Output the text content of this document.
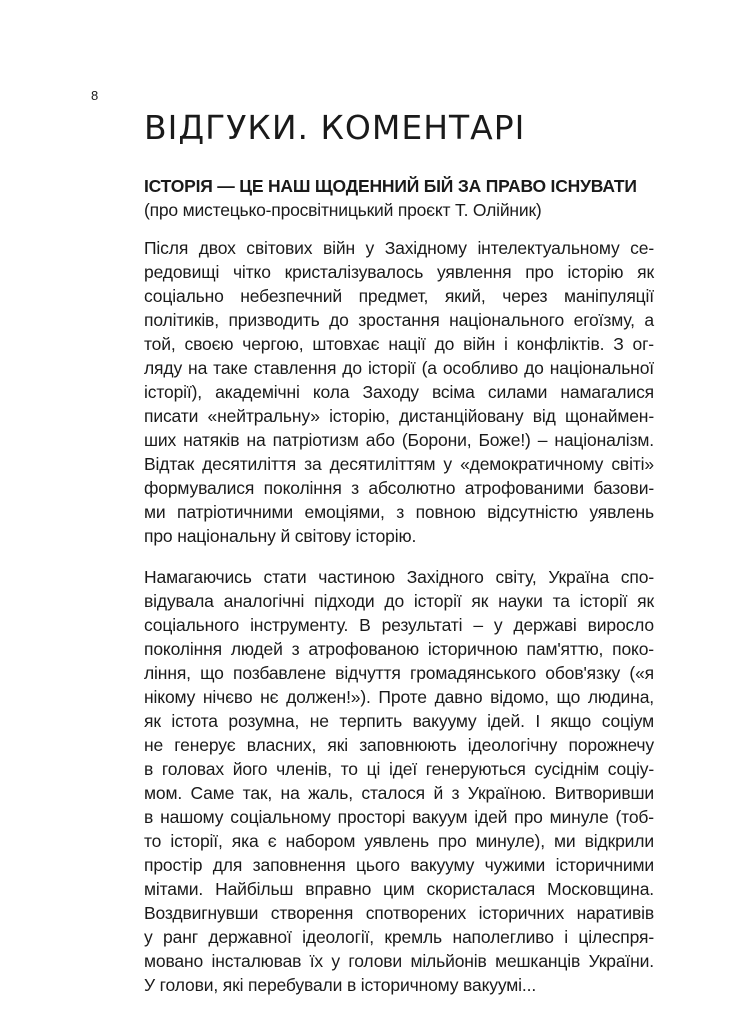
8
ВІДГУКИ. КОМЕНТАРІ

ІСТОРІЯ — ЦЕ НАШ ЩОДЕННИЙ БІЙ ЗА ПРАВО ІСНУВАТИ

(про мистецько-просвітницький проєкт Т. Олійник)

Після двох світових війн у Західному інтелектуальному се-
редовищі чітко кристалізувалось уявлення про історію як
соціально небезпечний предмет, який, через маніпуляції
політиків, призводить до зростання національного егоїзму, а
той, своєю чергою, штовхає нації до війн і конфліктів. З ог-
ляду на таке ставлення до історії (а особливо до національної
історії), академічні кола Заходу всіма силами намагалися
писати «нейтральну» історію, дистанційовану від щонаймен-
ших натяків на патріотизм або (Борони, Боже!) – націоналізм.
Відтак десятиліття за десятиліттям у «демократичному світі»
формувалися покоління з абсолютно атрофованими базови-
ми патріотичними емоціями, з повною відсутністю уявлень
про національну й світову історію.
Намагаючись стати частиною Західного світу, Україна спо-
відувала аналогічні підходи до історії як науки та історії як
соціального інструменту. В результаті – у державі виросло
покоління людей з атрофованою історичною пам'яттю, поко-
ління, що позбавлене відчуття громадянського обов'язку («я
нікому нічєво нє должен!»). Проте давно відомо, що людина,
як істота розумна, не терпить вакууму ідей. І якщо соціум
не генерує власних, які заповнюють ідеологічну порожнечу
в головах його членів, то ці ідеї генеруються сусіднім соціу-
мом. Саме так, на жаль, сталося й з Україною. Витворивши
в нашому соціальному просторі вакуум ідей про минуле (тоб-
то історії, яка є набором уявлень про минуле), ми відкрили
простір для заповнення цього вакууму чужими історичними
мітами. Найбільш вправно цим скористалася Московщина.
Воздвигнувши створення спотворених історичних наративів
у ранг державної ідеології, кремль наполегливо і цілеспря-
мовано інсталював їх у голови мільйонів мешканців України.
У голови, які перебували в історичному вакуумі...
